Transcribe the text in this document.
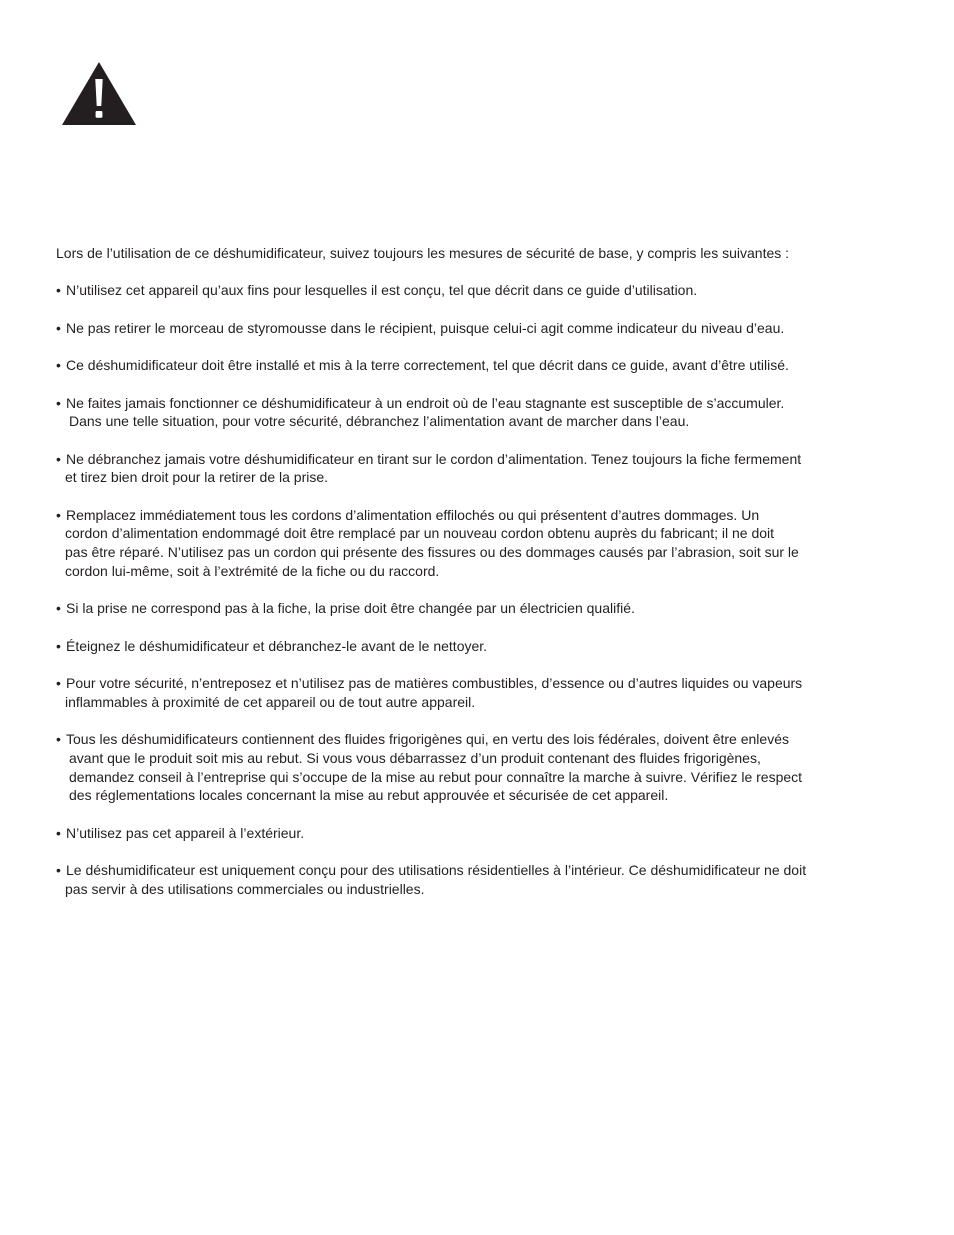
Lors de l’utilisation de ce déshumidificateur, suivez toujours les mesures de sécurité de base, y compris les suivantes :

• N’utilisez cet appareil qu’aux fins pour lesquelles il est conçu, tel que décrit dans ce guide d’utilisation.
• Ne pas retirer le morceau de styromousse dans le récipient, puisque celui-ci agit comme indicateur du niveau d’eau.
• Ce déshumidificateur doit être installé et mis à la terre correctement, tel que décrit dans ce guide, avant d’être utilisé.
• Ne faites jamais fonctionner ce déshumidificateur à un endroit où de l’eau stagnante est susceptible de s’accumuler.
Dans une telle situation, pour votre sécurité, débranchez l’alimentation avant de marcher dans l’eau.
• Ne débranchez jamais votre déshumidificateur en tirant sur le cordon d’alimentation. Tenez toujours la fiche fermement
et tirez bien droit pour la retirer de la prise.
• Remplacez immédiatement tous les cordons d’alimentation effilochés ou qui présentent d’autres dommages. Un
cordon d’alimentation endommagé doit être remplacé par un nouveau cordon obtenu auprès du fabricant; il ne doit
pas être réparé. N’utilisez pas un cordon qui présente des fissures ou des dommages causés par l’abrasion, soit sur le
cordon lui-même, soit à l’extrémité de la fiche ou du raccord.
• Si la prise ne correspond pas à la fiche, la prise doit être changée par un électricien qualifié.
• Éteignez le déshumidificateur et débranchez-le avant de le nettoyer.
• Pour votre sécurité, n’entreposez et n’utilisez pas de matières combustibles, d’essence ou d’autres liquides ou vapeurs
inflammables à proximité de cet appareil ou de tout autre appareil.
• Tous les déshumidificateurs contiennent des fluides frigorigènes qui, en vertu des lois fédérales, doivent être enlevés
avant que le produit soit mis au rebut. Si vous vous débarrassez d’un produit contenant des fluides frigorigènes,
demandez conseil à l’entreprise qui s’occupe de la mise au rebut pour connaître la marche à suivre. Vérifiez le respect
des réglementations locales concernant la mise au rebut approuvée et sécurisée de cet appareil.
• N’utilisez pas cet appareil à l’extérieur.
• Le déshumidificateur est uniquement conçu pour des utilisations résidentielles à l’intérieur. Ce déshumidificateur ne doit
pas servir à des utilisations commerciales ou industrielles.
